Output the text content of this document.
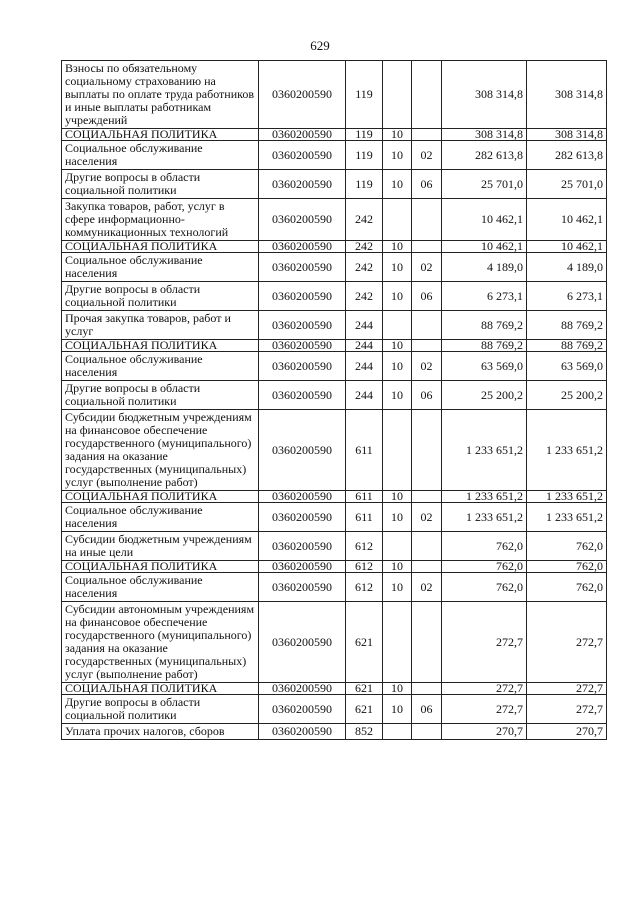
629
Взносы по обязательному социальному страхованию на выплаты по оплате труда работников и иные выплаты работникам учреждений	0360200590	119			308 314,8	308 314,8
СОЦИАЛЬНАЯ ПОЛИТИКА	0360200590	119	10		308 314,8	308 314,8
Социальное обслуживание населения	0360200590	119	10	02	282 613,8	282 613,8
Другие вопросы в области социальной политики	0360200590	119	10	06	25 701,0	25 701,0
Закупка товаров, работ, услуг в сфере информационно-коммуникационных технологий	0360200590	242			10 462,1	10 462,1
СОЦИАЛЬНАЯ ПОЛИТИКА	0360200590	242	10		10 462,1	10 462,1
Социальное обслуживание населения	0360200590	242	10	02	4 189,0	4 189,0
Другие вопросы в области социальной политики	0360200590	242	10	06	6 273,1	6 273,1
Прочая закупка товаров, работ и услуг	0360200590	244			88 769,2	88 769,2
СОЦИАЛЬНАЯ ПОЛИТИКА	0360200590	244	10		88 769,2	88 769,2
Социальное обслуживание населения	0360200590	244	10	02	63 569,0	63 569,0
Другие вопросы в области социальной политики	0360200590	244	10	06	25 200,2	25 200,2
Субсидии бюджетным учреждениям на финансовое обеспечение государственного (муниципального) задания на оказание государственных (муниципальных) услуг (выполнение работ)	0360200590	611			1 233 651,2	1 233 651,2
СОЦИАЛЬНАЯ ПОЛИТИКА	0360200590	611	10		1 233 651,2	1 233 651,2
Социальное обслуживание населения	0360200590	611	10	02	1 233 651,2	1 233 651,2
Субсидии бюджетным учреждениям на иные цели	0360200590	612			762,0	762,0
СОЦИАЛЬНАЯ ПОЛИТИКА	0360200590	612	10		762,0	762,0
Социальное обслуживание населения	0360200590	612	10	02	762,0	762,0
Субсидии автономным учреждениям на финансовое обеспечение государственного (муниципального) задания на оказание государственных (муниципальных) услуг (выполнение работ)	0360200590	621			272,7	272,7
СОЦИАЛЬНАЯ ПОЛИТИКА	0360200590	621	10		272,7	272,7
Другие вопросы в области социальной политики	0360200590	621	10	06	272,7	272,7
Уплата прочих налогов, сборов	0360200590	852			270,7	270,7
